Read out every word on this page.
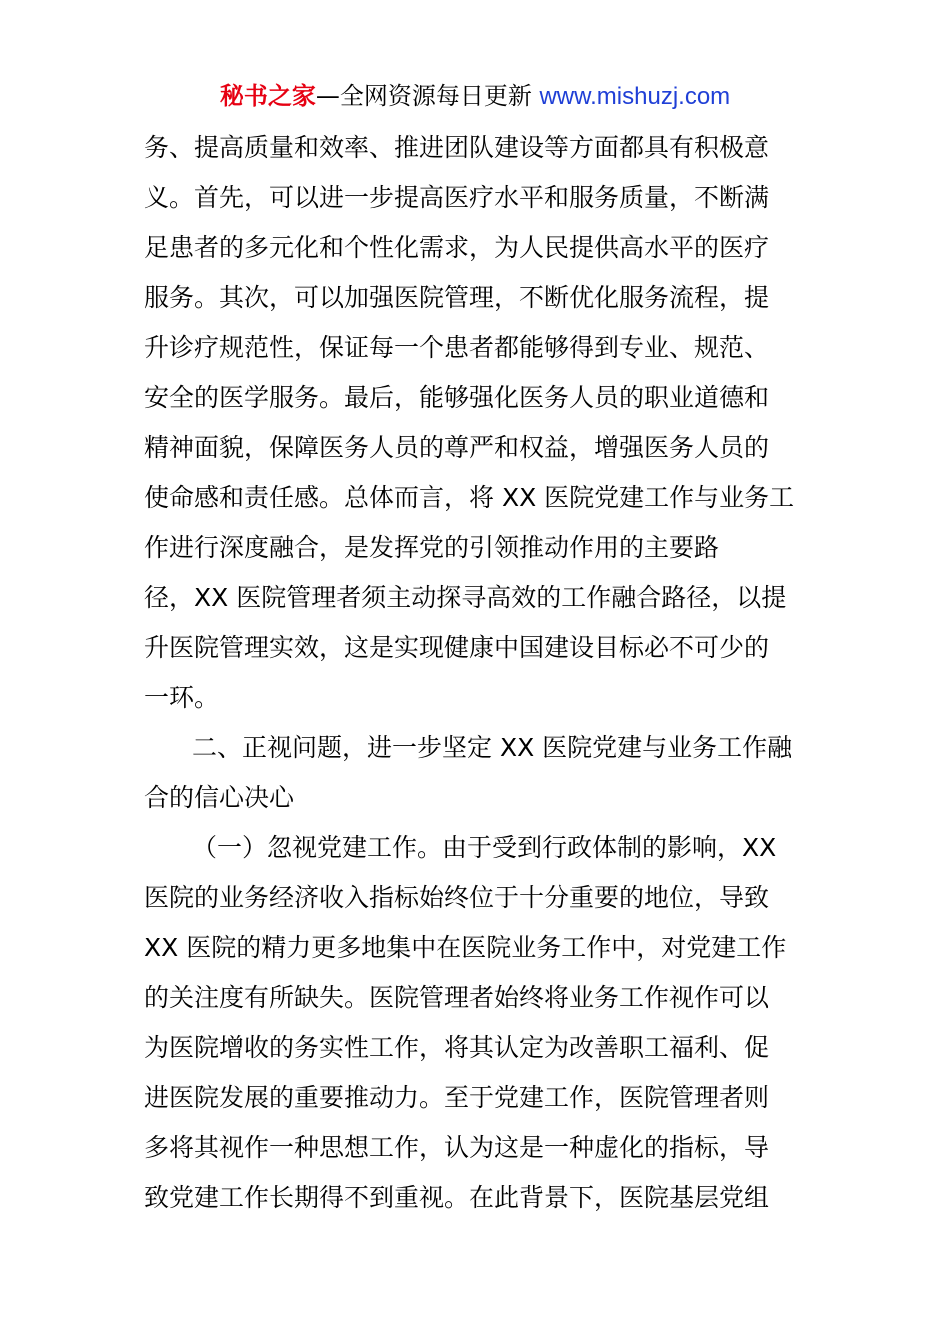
秘书之家—全网资源每日更新 www.mishuzj.com
务、提高质量和效率、推进团队建设等方面都具有积极意
义。首先，可以进一步提高医疗水平和服务质量，不断满
足患者的多元化和个性化需求，为人民提供高水平的医疗
服务。其次，可以加强医院管理，不断优化服务流程，提
升诊疗规范性，保证每一个患者都能够得到专业、规范、
安全的医学服务。最后，能够强化医务人员的职业道德和
精神面貌，保障医务人员的尊严和权益，增强医务人员的
使命感和责任感。总体而言，将 XX 医院党建工作与业务工
作进行深度融合，是发挥党的引领推动作用的主要路
径，XX 医院管理者须主动探寻高效的工作融合路径，以提
升医院管理实效，这是实现健康中国建设目标必不可少的
一环。
二、正视问题，进一步坚定 XX 医院党建与业务工作融
合的信心决心
（一）忽视党建工作。由于受到行政体制的影响，XX
医院的业务经济收入指标始终位于十分重要的地位，导致
XX 医院的精力更多地集中在医院业务工作中，对党建工作
的关注度有所缺失。医院管理者始终将业务工作视作可以
为医院增收的务实性工作，将其认定为改善职工福利、促
进医院发展的重要推动力。至于党建工作，医院管理者则
多将其视作一种思想工作，认为这是一种虚化的指标，导
致党建工作长期得不到重视。在此背景下，医院基层党组
